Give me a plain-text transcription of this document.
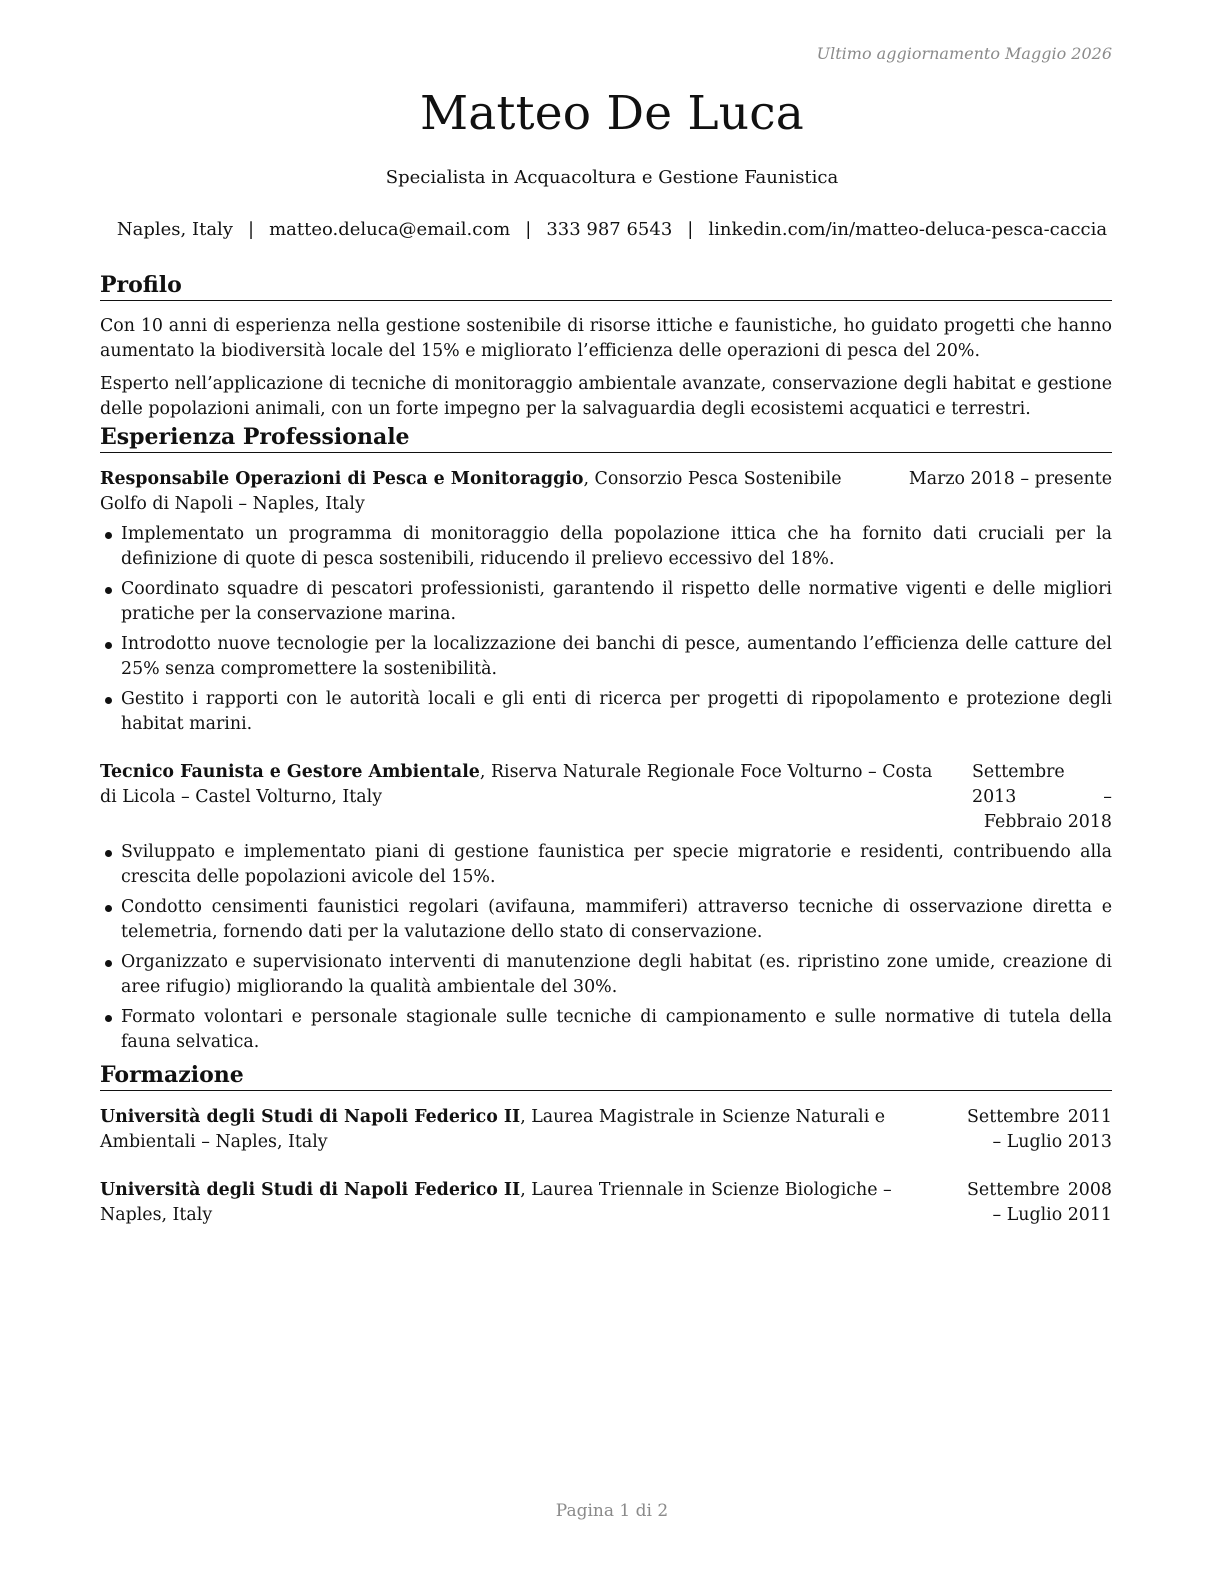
Ultimo aggiornamento Maggio 2026
Matteo De Luca
Specialista in Acquacoltura e Gestione Faunistica
Naples, Italy | matteo.deluca@email.com | 333 987 6543 | linkedin.com/in/matteo-deluca-pesca-caccia
Profilo

Con 10 anni di esperienza nella gestione sostenibile di risorse ittiche e faunistiche, ho guidato progetti che hanno aumentato la biodiversità locale del 15% e migliorato l’efficienza delle operazioni di pesca del 20%.

Esperto nell’applicazione di tecniche di monitoraggio ambientale avanzate, conservazione degli habitat e gestione delle popolazioni animali, con un forte impegno per la salvaguardia degli ecosistemi acquatici e terrestri.

Esperienza Professionale
Responsabile Operazioni di Pesca e Monitoraggio, Consorzio Pesca Sostenibile Golfo di Napoli – Naples, Italy
Marzo 2018 – presente
Implementato un programma di monitoraggio della popolazione ittica che ha fornito dati cruciali per la definizione di quote di pesca sostenibili, riducendo il prelievo eccessivo del 18%.
Coordinato squadre di pescatori professionisti, garantendo il rispetto delle normative vigenti e delle migliori pratiche per la conservazione marina.
Introdotto nuove tecnologie per la localizzazione dei banchi di pesce, aumentando l’efficienza delle catture del 25% senza compromettere la sostenibilità.
Gestito i rapporti con le autorità locali e gli enti di ricerca per progetti di ripopolamento e protezione degli habitat marini.
Tecnico Faunista e Gestore Ambientale, Riserva Naturale Regionale Foce Volturno – Costa di Licola – Castel Volturno, Italy
Settembre 2013 – Febbraio 2018
Sviluppato e implementato piani di gestione faunistica per specie migratorie e residenti, contribuendo alla crescita delle popolazioni avicole del 15%.
Condotto censimenti faunistici regolari (avifauna, mammiferi) attraverso tecniche di osservazione diretta e telemetria, fornendo dati per la valutazione dello stato di conservazione.
Organizzato e supervisionato interventi di manutenzione degli habitat (es. ripristino zone umide, creazione di aree rifugio) migliorando la qualità ambientale del 30%.
Formato volontari e personale stagionale sulle tecniche di campionamento e sulle normative di tutela della fauna selvatica.
Formazione
Università degli Studi di Napoli Federico II, Laurea Magistrale in Scienze Naturali e Ambientali – Naples, Italy
Settembre 2011 – Luglio 2013
Università degli Studi di Napoli Federico II, Laurea Triennale in Scienze Biologiche – Naples, Italy
Settembre 2008 – Luglio 2011
Pagina 1 di 2
